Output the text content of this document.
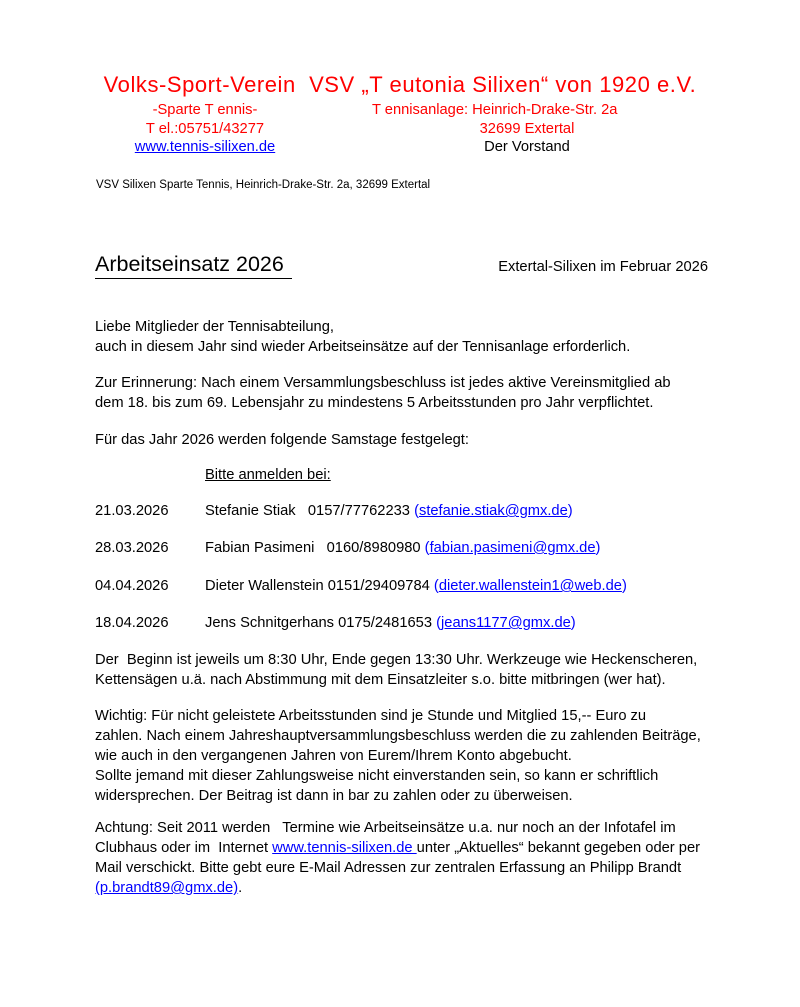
Volks-Sport-Verein  VSV „T eutonia Silixen“ von 1920 e.V.
-Sparte T ennis-
T el.:05751/43277
www.tennis-silixen.de
T ennisanlage: Heinrich-Drake-Str. 2a
32699 Extertal
Der Vorstand
VSV Silixen Sparte Tennis, Heinrich-Drake-Str. 2a, 32699 Extertal
Arbeitseinsatz 2026	Extertal-Silixen im Februar 2026
Liebe Mitglieder der Tennisabteilung,
auch in diesem Jahr sind wieder Arbeitseinsätze auf der Tennisanlage erforderlich.
Zur Erinnerung: Nach einem Versammlungsbeschluss ist jedes aktive Vereinsmitglied ab
dem 18. bis zum 69. Lebensjahr zu mindestens 5 Arbeitsstunden pro Jahr verpflichtet.
Für das Jahr 2026 werden folgende Samstage festgelegt:
Bitte anmelden bei:
21.03.2026 Stefanie Stiak   0157/77762233 (stefanie.stiak@gmx.de)
28.03.2026 Fabian Pasimeni   0160/8980980 (fabian.pasimeni@gmx.de)
04.04.2026 Dieter Wallenstein 0151/29409784 (dieter.wallenstein1@web.de)
18.04.2026 Jens Schnitgerhans 0175/2481653 (jeans1177@gmx.de)
Der  Beginn ist jeweils um 8:30 Uhr, Ende gegen 13:30 Uhr. Werkzeuge wie Heckenscheren,
Kettensägen u.ä. nach Abstimmung mit dem Einsatzleiter s.o. bitte mitbringen (wer hat).
Wichtig: Für nicht geleistete Arbeitsstunden sind je Stunde und Mitglied 15,-- Euro zu
zahlen. Nach einem Jahreshauptversammlungsbeschluss werden die zu zahlenden Beiträge,
wie auch in den vergangenen Jahren von Eurem/Ihrem Konto abgebucht.
Sollte jemand mit dieser Zahlungsweise nicht einverstanden sein, so kann er schriftlich
widersprechen. Der Beitrag ist dann in bar zu zahlen oder zu überweisen.
Achtung: Seit 2011 werden   Termine wie Arbeitseinsätze u.a. nur noch an der Infotafel im
Clubhaus oder im  Internet www.tennis-silixen.de unter „Aktuelles“ bekannt gegeben oder per
Mail verschickt. Bitte gebt eure E-Mail Adressen zur zentralen Erfassung an Philipp Brandt
(p.brandt89@gmx.de).
